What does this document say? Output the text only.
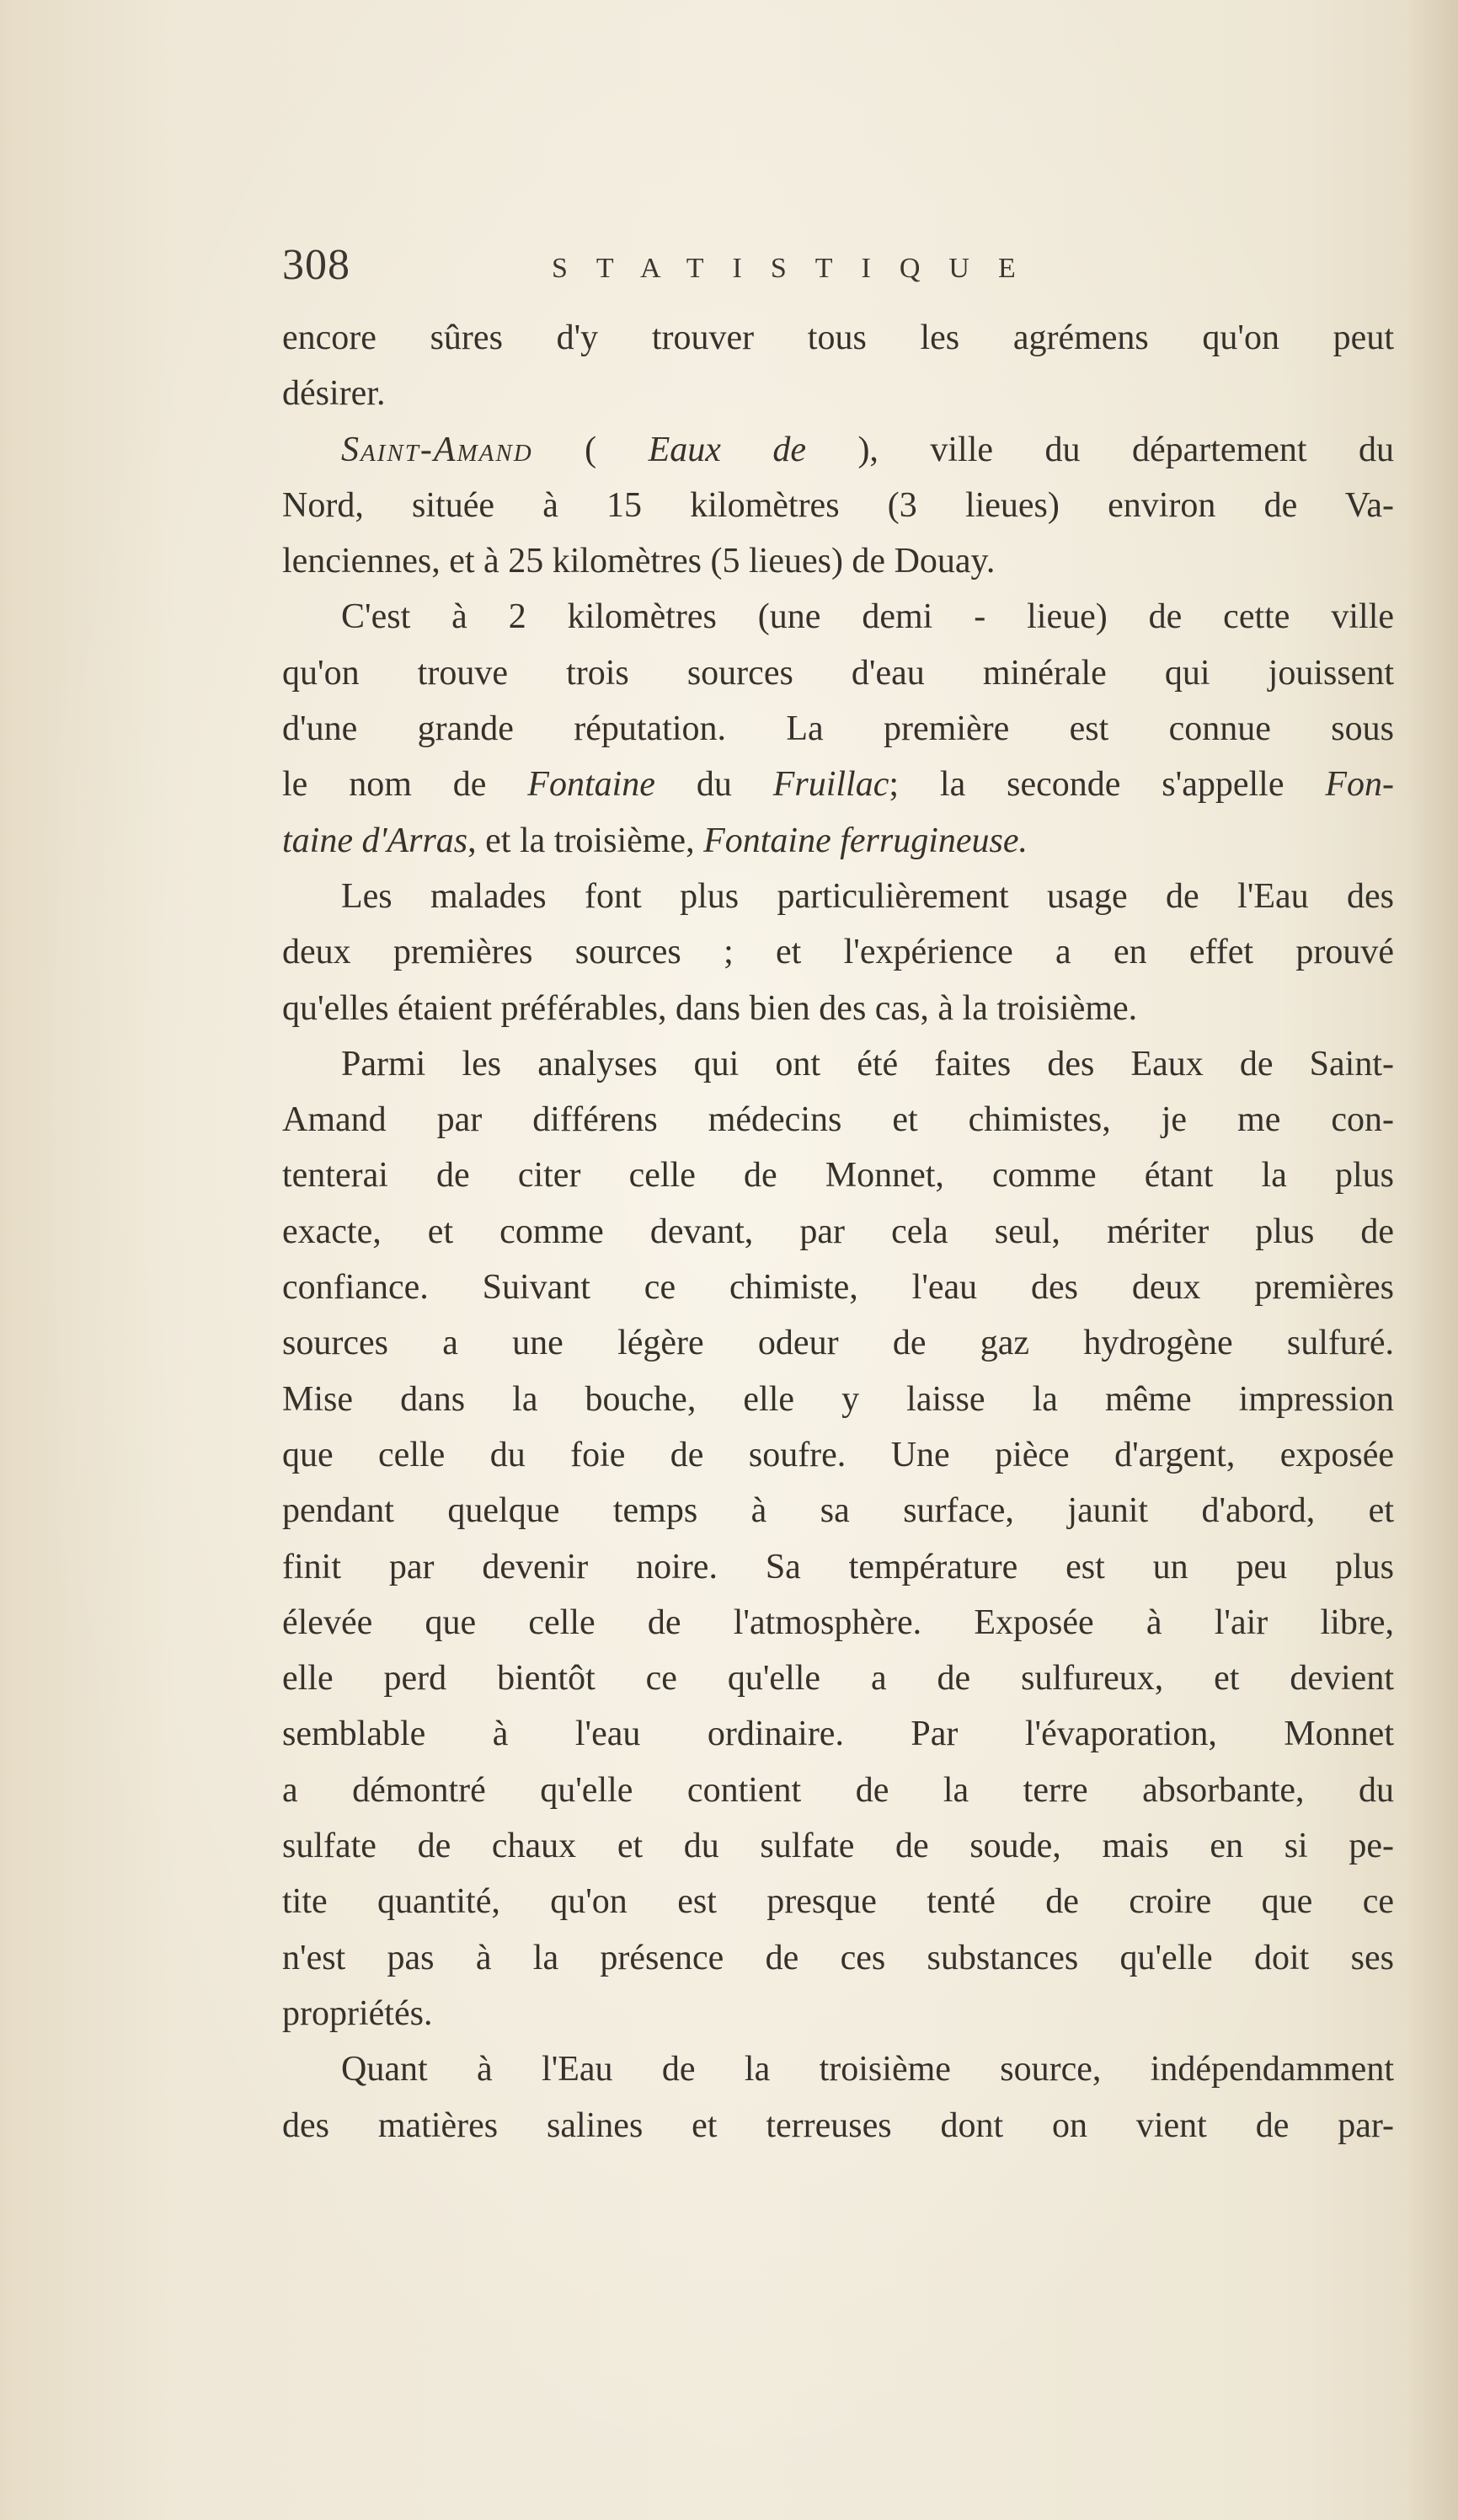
308	STATISTIQUE
encore sûres d'y trouver tous les agrémens qu'on peut
désirer.
Saint-Amand ( Eaux de ), ville du département du
Nord, située à 15 kilomètres (3 lieues) environ de Va-
lenciennes, et à 25 kilomètres (5 lieues) de Douay.
C'est à 2 kilomètres (une demi - lieue) de cette ville
qu'on trouve trois sources d'eau minérale qui jouissent
d'une grande réputation. La première est connue sous
le nom de Fontaine du Fruillac; la seconde s'appelle Fon-
taine d'Arras, et la troisième, Fontaine ferrugineuse.
Les malades font plus particulièrement usage de l'Eau des
deux premières sources ; et l'expérience a en effet prouvé
qu'elles étaient préférables, dans bien des cas, à la troisième.
Parmi les analyses qui ont été faites des Eaux de Saint-
Amand par différens médecins et chimistes, je me con-
tenterai de citer celle de Monnet, comme étant la plus
exacte, et comme devant, par cela seul, mériter plus de
confiance. Suivant ce chimiste, l'eau des deux premières
sources a une légère odeur de gaz hydrogène sulfuré.
Mise dans la bouche, elle y laisse la même impression
que celle du foie de soufre. Une pièce d'argent, exposée
pendant quelque temps à sa surface, jaunit d'abord, et
finit par devenir noire. Sa température est un peu plus
élevée que celle de l'atmosphère. Exposée à l'air libre,
elle perd bientôt ce qu'elle a de sulfureux, et devient
semblable à l'eau ordinaire. Par l'évaporation, Monnet
a démontré qu'elle contient de la terre absorbante, du
sulfate de chaux et du sulfate de soude, mais en si pe-
tite quantité, qu'on est presque tenté de croire que ce
n'est pas à la présence de ces substances qu'elle doit ses
propriétés.
Quant à l'Eau de la troisième source, indépendamment
des matières salines et terreuses dont on vient de par-
